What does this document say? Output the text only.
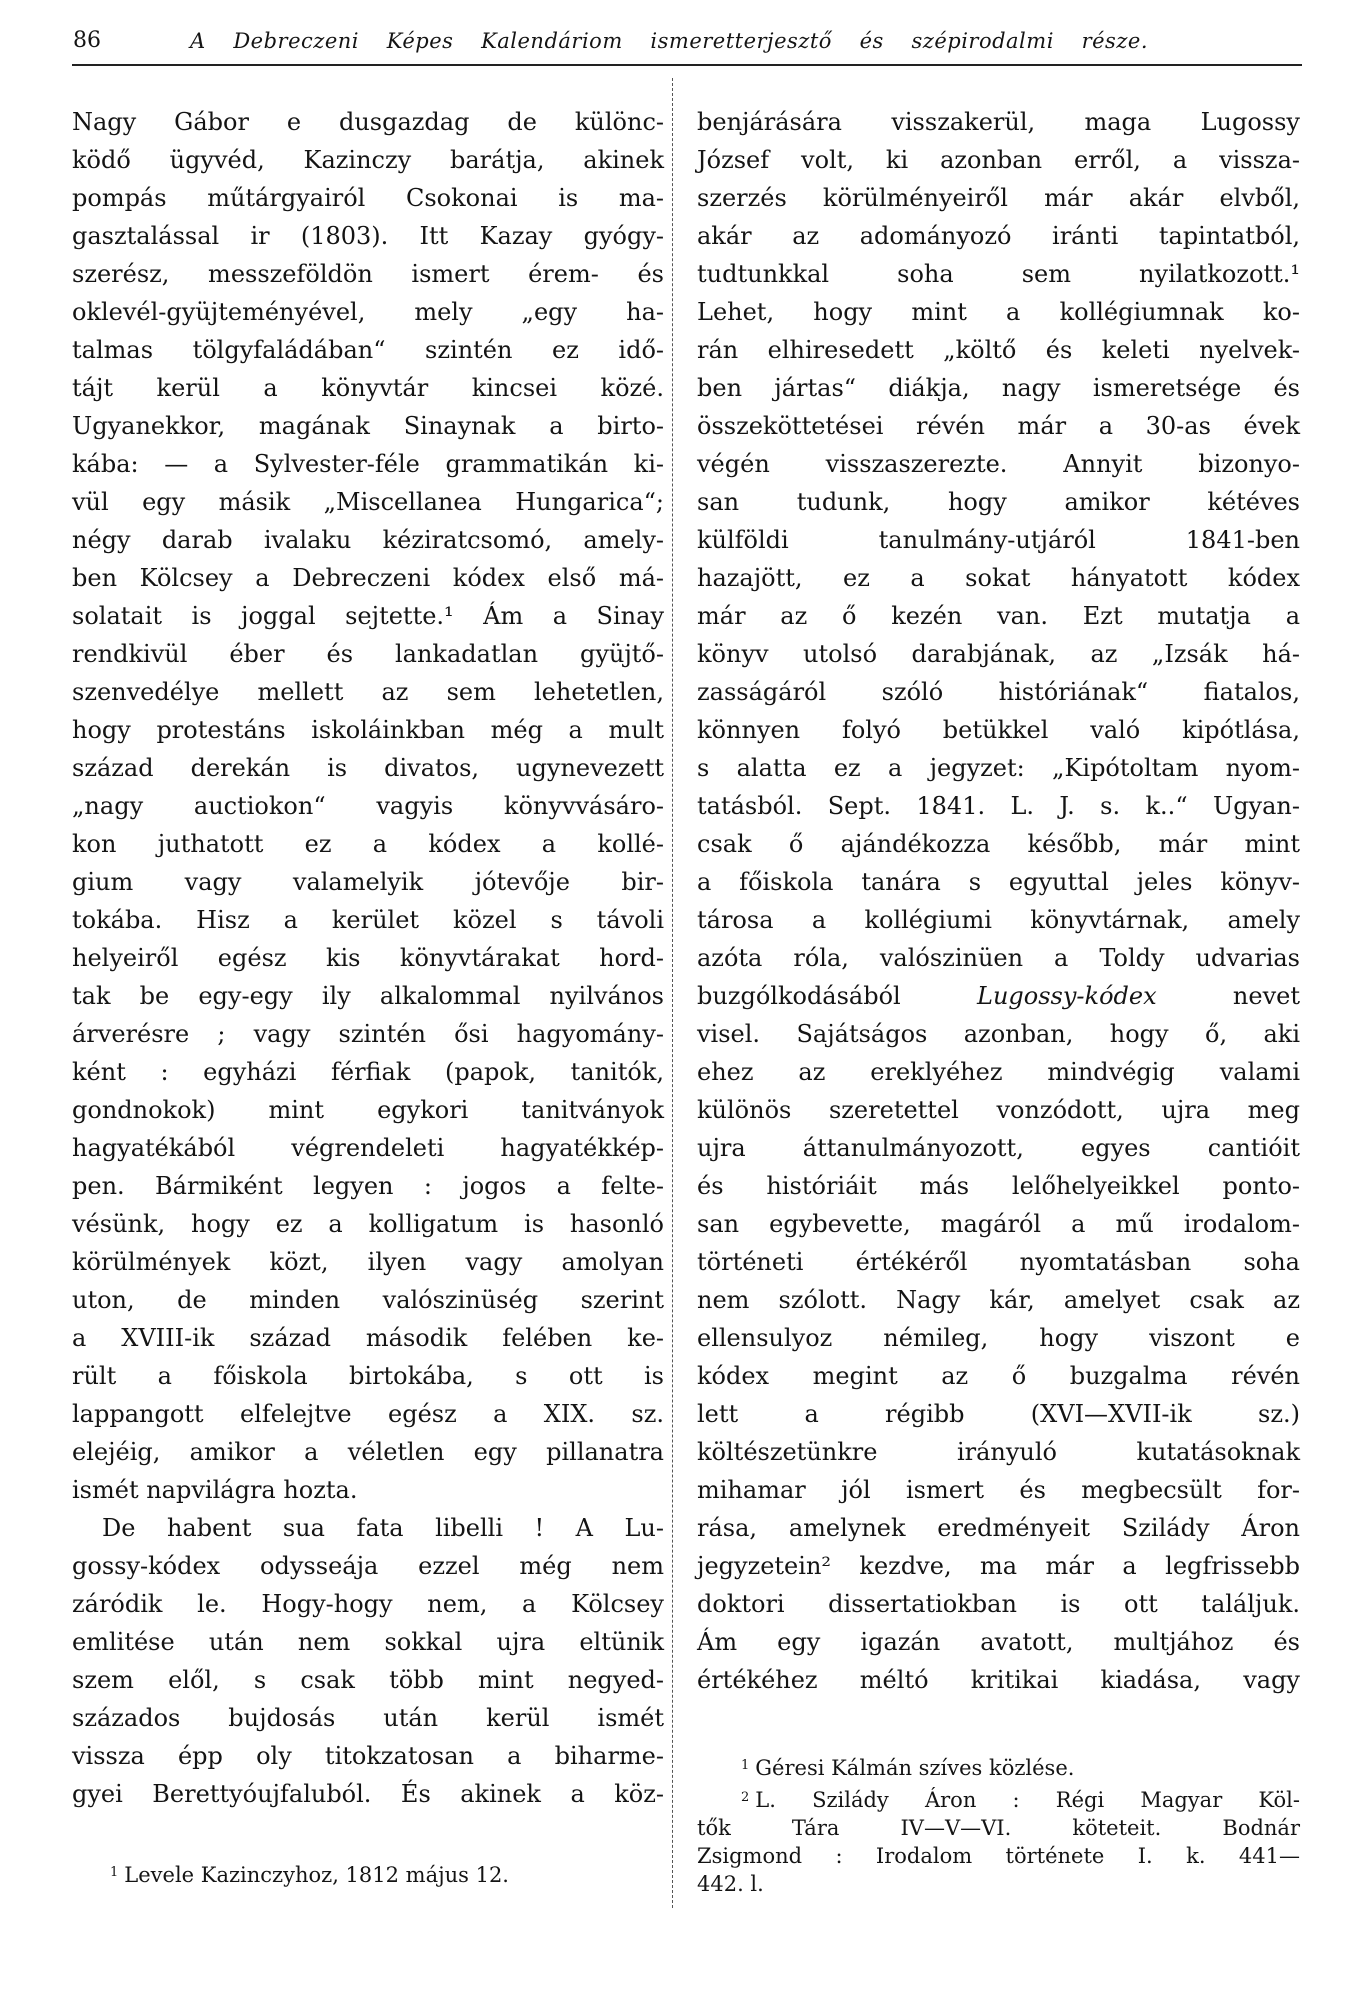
86	A Debreczeni Képes Kalendáriom ismeretterjesztő és szépirodalmi része.
Nagy Gábor e dusgazdag de különc-
ködő ügyvéd, Kazinczy barátja, akinek
pompás műtárgyairól Csokonai is ma-
gasztalással ir (1803). Itt Kazay gyógy-
szerész, messzeföldön ismert érem- és
oklevél-gyüjteményével, mely „egy ha-
talmas tölgyfaládában“ szintén ez idő-
tájt kerül a könyvtár kincsei közé.
Ugyanekkor, magának Sinaynak a birto-
kába: — a Sylvester-féle grammatikán ki-
vül egy másik „Miscellanea Hungarica“;
négy darab ivalaku kéziratcsomó, amely-
ben Kölcsey a Debreczeni kódex első má-
solatait is joggal sejtette.¹ Ám a Sinay
rendkivül éber és lankadatlan gyüjtő-
szenvedélye mellett az sem lehetetlen,
hogy protestáns iskoláinkban még a mult
század derekán is divatos, ugynevezett
„nagy auctiokon“ vagyis könyvvásáro-
kon juthatott ez a kódex a kollé-
gium vagy valamelyik jótevője bir-
tokába. Hisz a kerület közel s távoli
helyeiről egész kis könyvtárakat hord-
tak be egy-egy ily alkalommal nyilvános
árverésre ; vagy szintén ősi hagyomány-
ként : egyházi férfiak (papok, tanitók,
gondnokok) mint egykori tanitványok
hagyatékából végrendeleti hagyatékkép-
pen. Bármiként legyen : jogos a felte-
vésünk, hogy ez a kolligatum is hasonló
körülmények közt, ilyen vagy amolyan
uton, de minden valószinüség szerint
a XVIII-ik század második felében ke-
rült a főiskola birtokába, s ott is
lappangott elfelejtve egész a XIX. sz.
elejéig, amikor a véletlen egy pillanatra
ismét napvilágra hozta.
De habent sua fata libelli ! A Lu-
gossy-kódex odysseája ezzel még nem
záródik le. Hogy-hogy nem, a Kölcsey
emlitése után nem sokkal ujra eltünik
szem elől, s csak több mint negyed-
százados bujdosás után kerül ismét
vissza épp oly titokzatosan a biharme-
gyei Berettyóujfaluból. És akinek a köz-
benjárására visszakerül, maga Lugossy
József volt, ki azonban erről, a vissza-
szerzés körülményeiről már akár elvből,
akár az adományozó iránti tapintatból,
tudtunkkal soha sem nyilatkozott.¹
Lehet, hogy mint a kollégiumnak ko-
rán elhiresedett „költő és keleti nyelvek-
ben jártas“ diákja, nagy ismeretsége és
összeköttetései révén már a 30-as évek
végén visszaszerezte. Annyit bizonyo-
san tudunk, hogy amikor kétéves
külföldi tanulmány-utjáról 1841-ben
hazajött, ez a sokat hányatott kódex
már az ő kezén van. Ezt mutatja a
könyv utolsó darabjának, az „Izsák há-
zasságáról szóló históriának“ fiatalos,
könnyen folyó betükkel való kipótlása,
s alatta ez a jegyzet: „Kipótoltam nyom-
tatásból. Sept. 1841. L. J. s. k..“ Ugyan-
csak ő ajándékozza később, már mint
a főiskola tanára s egyuttal jeles könyv-
tárosa a kollégiumi könyvtárnak, amely
azóta róla, valószinüen a Toldy udvarias
buzgólkodásából Lugossy-kódex nevet
visel. Sajátságos azonban, hogy ő, aki
ehez az ereklyéhez mindvégig valami
különös szeretettel vonzódott, ujra meg
ujra áttanulmányozott, egyes cantióit
és históriáit más lelőhelyeikkel ponto-
san egybevette, magáról a mű irodalom-
történeti értékéről nyomtatásban soha
nem szólott. Nagy kár, amelyet csak az
ellensulyoz némileg, hogy viszont e
kódex megint az ő buzgalma révén
lett a régibb (XVI—XVII-ik sz.)
költészetünkre irányuló kutatásoknak
mihamar jól ismert és megbecsült for-
rása, amelynek eredményeit Szilády Áron
jegyzetein² kezdve, ma már a legfrissebb
doktori dissertatiokban is ott találjuk.
Ám egy igazán avatott, multjához és
értékéhez méltó kritikai kiadása, vagy
$^1$ Levele Kazinczyhoz, 1812 május 12.
$^1$ Géresi Kálmán szíves közlése.
$^2$ L. Szilády Áron : Régi Magyar Köl-
tők Tára IV—V—VI. köteteit. Bodnár
Zsigmond : Irodalom története I. k. 441—
442. l.
